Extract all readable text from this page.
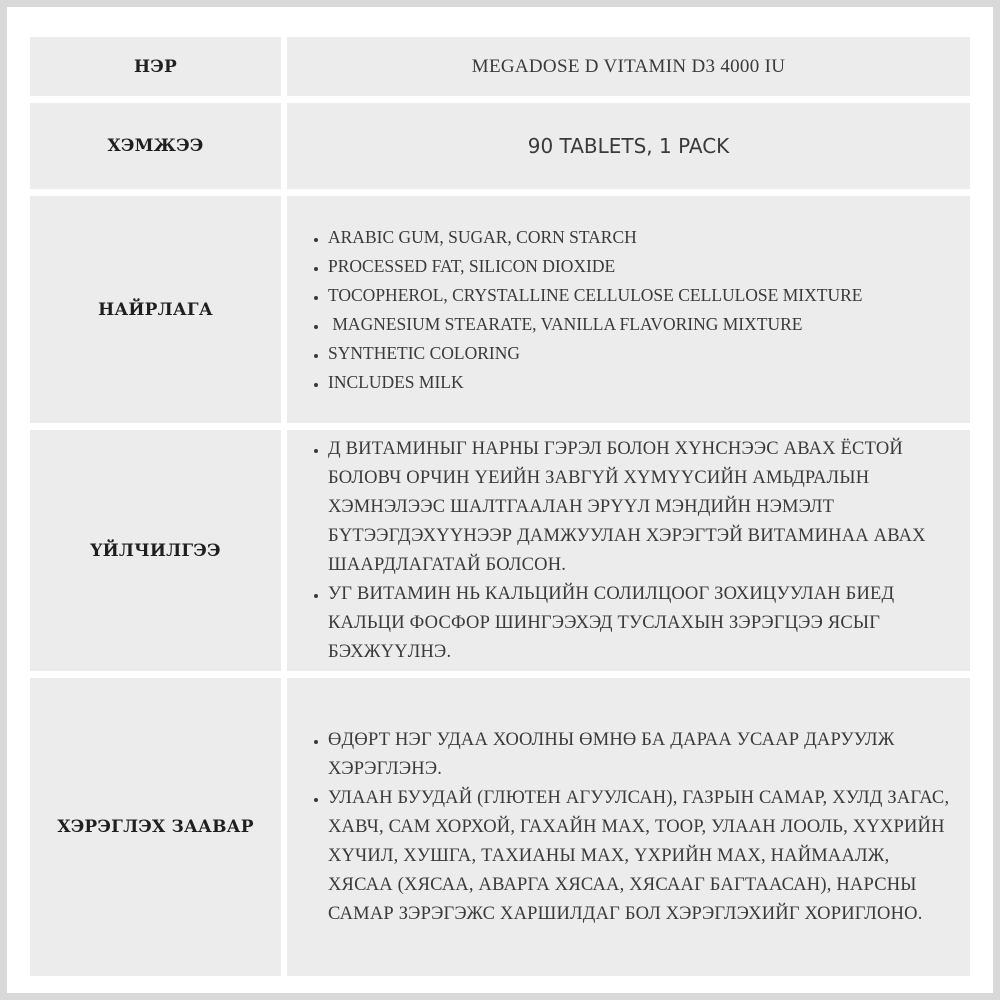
НЭР	MEGADOSE D VITAMIN D3 4000 IU
ХЭМЖЭЭ	90 TABLETS, 1 PACK
НАЙРЛАГА
• ARABIC GUM, SUGAR, CORN STARCH
• PROCESSED FAT, SILICON DIOXIDE
• TOCOPHEROL, CRYSTALLINE CELLULOSE CELLULOSE MIXTURE
•  MAGNESIUM STEARATE, VANILLA FLAVORING MIXTURE
• SYNTHETIC COLORING
• INCLUDES MILK
ҮЙЛЧИЛГЭЭ
• Д ВИТАМИНЫГ НАРНЫ ГЭРЭЛ БОЛОН ХҮНСНЭЭС АВАХ ЁСТОЙ БОЛОВЧ ОРЧИН ҮЕИЙН ЗАВГҮЙ ХҮМҮҮСИЙН АМЬДРАЛЫН ХЭМНЭЛЭЭС ШАЛТГААЛАН ЭРҮҮЛ МЭНДИЙН НЭМЭЛТ БҮТЭЭГДЭХҮҮНЭЭР ДАМЖУУЛАН ХЭРЭГТЭЙ ВИТАМИНАА АВАХ ШААРДЛАГАТАЙ БОЛСОН.
• УГ ВИТАМИН НЬ КАЛЬЦИЙН СОЛИЛЦООГ ЗОХИЦУУЛАН БИЕД КАЛЬЦИ ФОСФОР ШИНГЭЭХЭД ТУСЛАХЫН ЗЭРЭГЦЭЭ ЯСЫГ БЭХЖҮҮЛНЭ.
ХЭРЭГЛЭХ ЗААВАР
• ӨДӨРТ НЭГ УДАА ХООЛНЫ ӨМНӨ БА ДАРАА УСААР ДАРУУЛЖ ХЭРЭГЛЭНЭ.
• УЛААН БУУДАЙ (ГЛЮТЕН АГУУЛСАН), ГАЗРЫН САМАР, ХУЛД ЗАГАС, ХАВЧ, САМ ХОРХОЙ, ГАХАЙН МАХ, ТООР, УЛААН ЛООЛЬ, ХҮХРИЙН ХҮЧИЛ, ХУШГА, ТАХИАНЫ МАХ, ҮХРИЙН МАХ, НАЙМААЛЖ, ХЯСАА (ХЯСАА, АВАРГА ХЯСАА, ХЯСААГ БАГТААСАН), НАРСНЫ САМАР ЗЭРЭГЭЖС ХАРШИЛДАГ БОЛ ХЭРЭГЛЭХИЙГ ХОРИГЛОНО.
